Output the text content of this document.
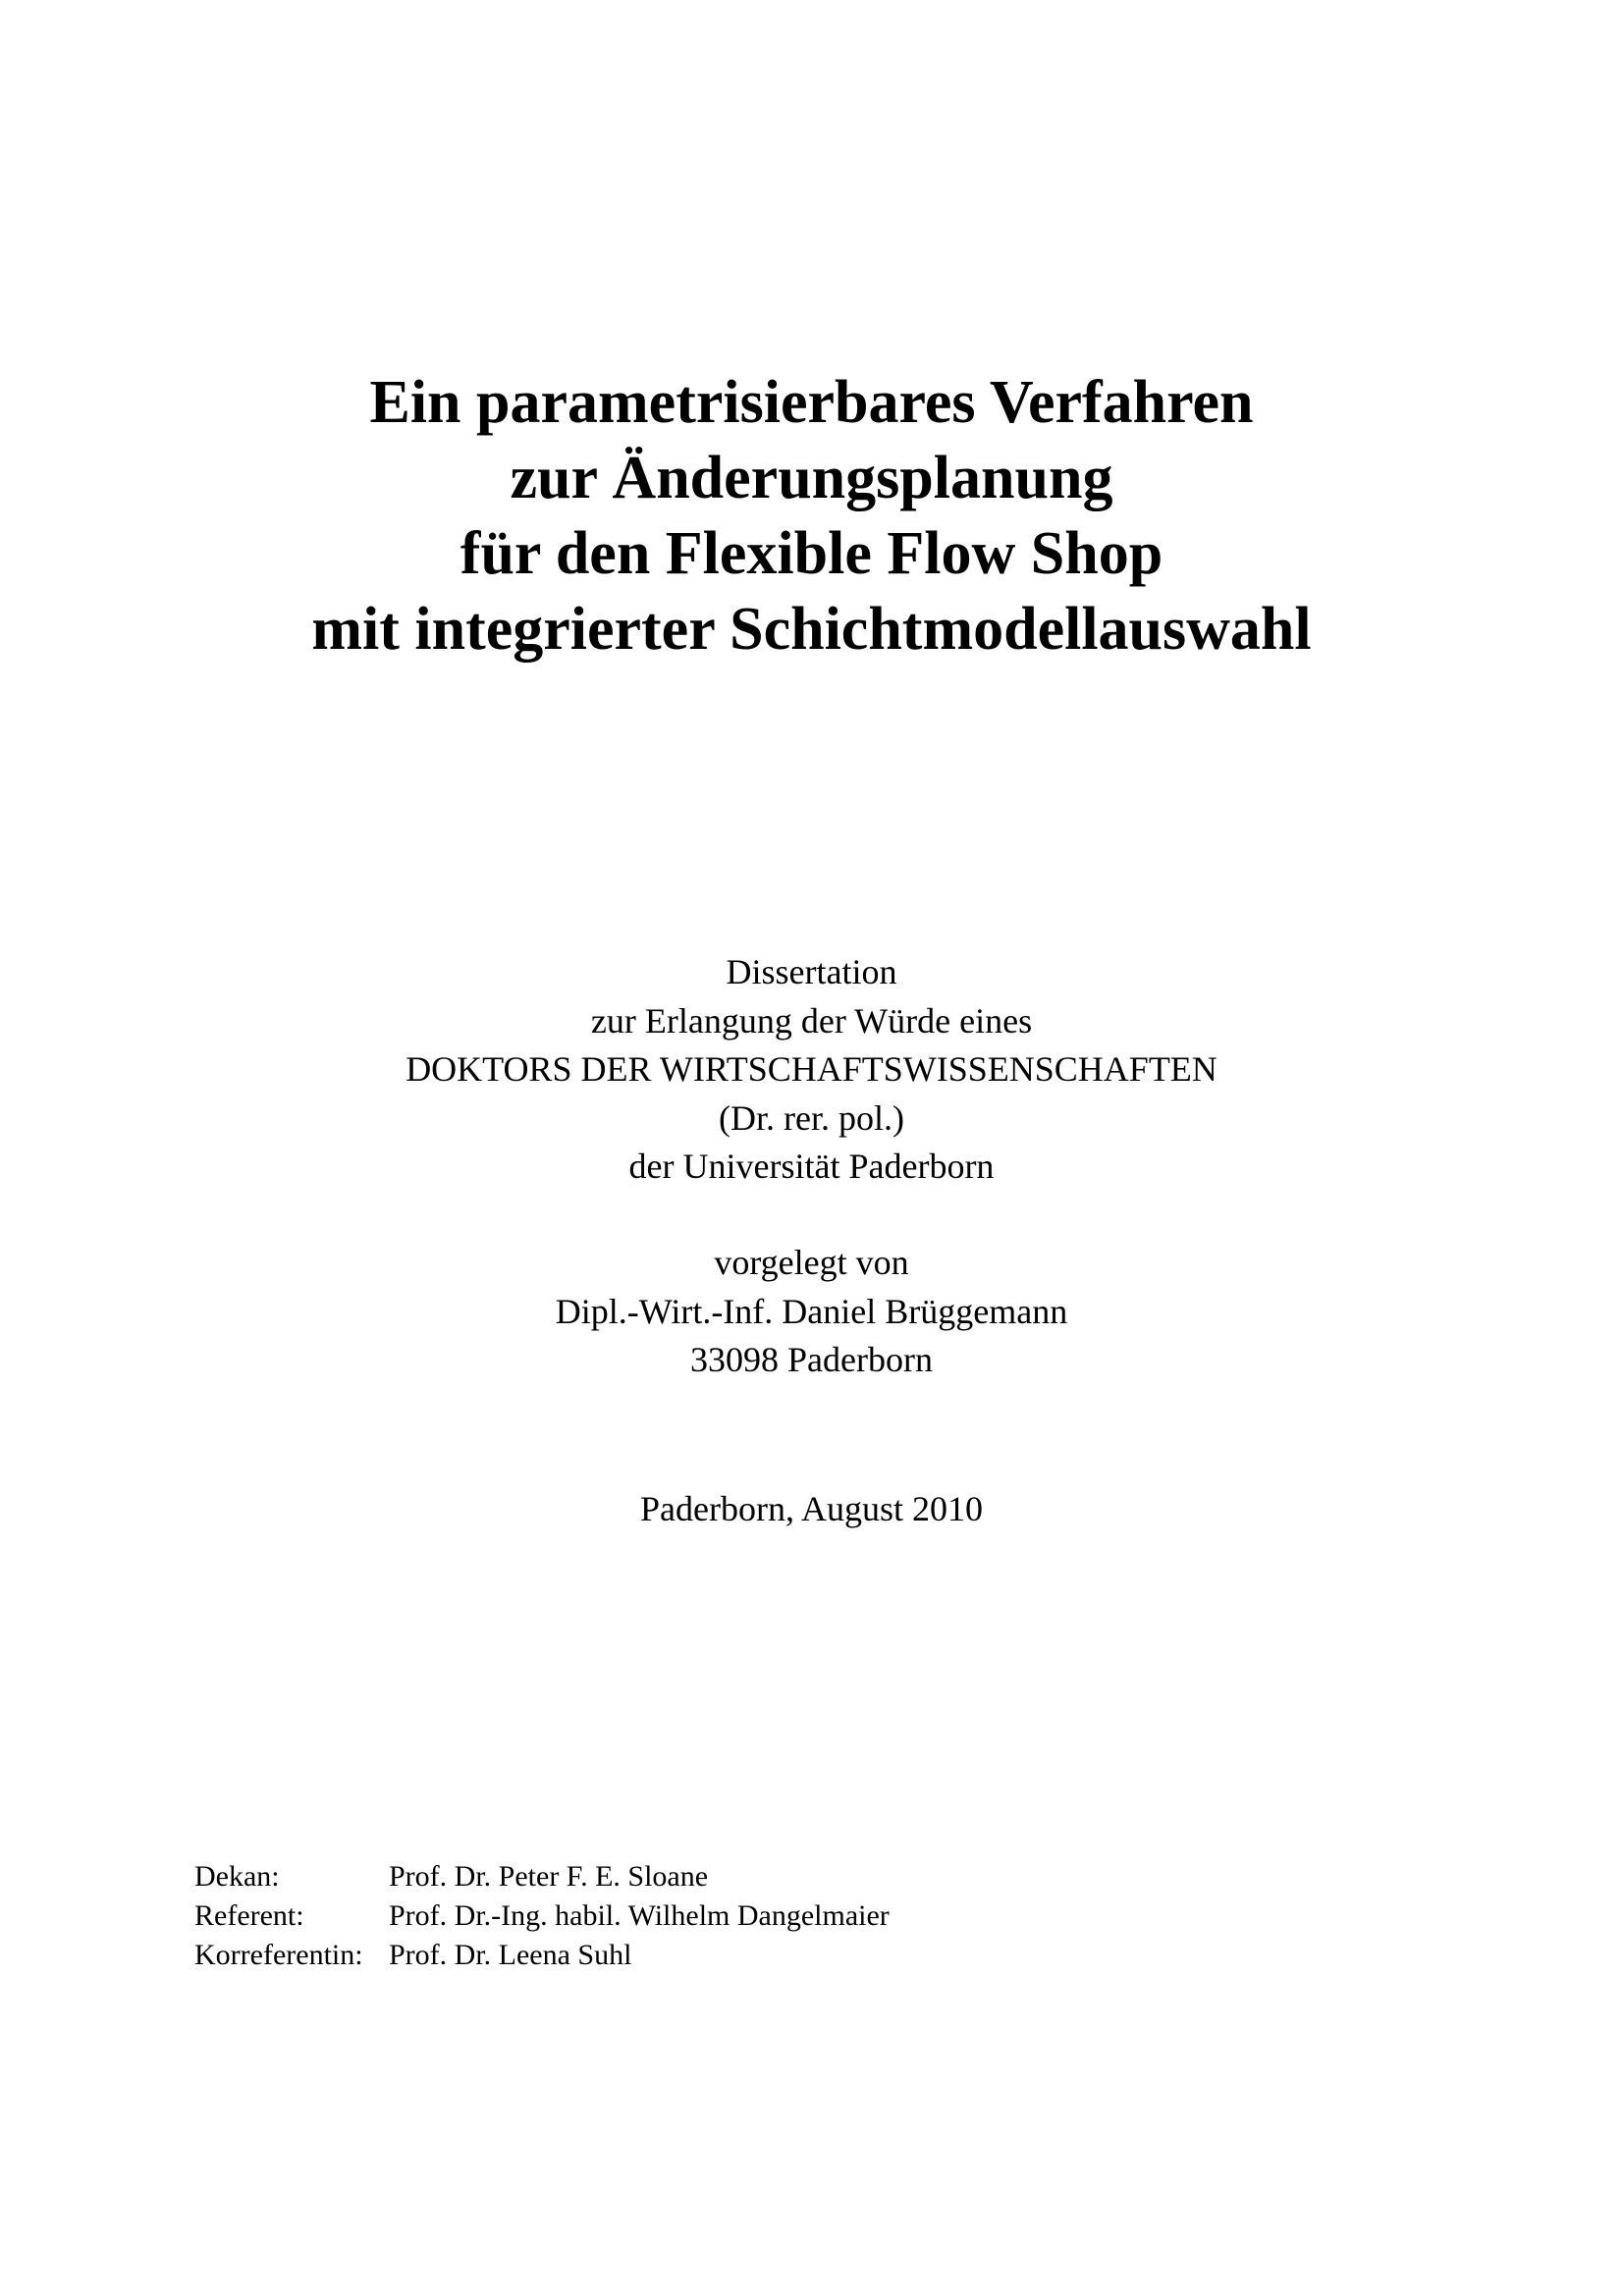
Ein parametrisierbares Verfahren
zur Änderungsplanung
für den Flexible Flow Shop
mit integrierter Schichtmodellauswahl
Dissertation
zur Erlangung der Würde eines
DOKTORS DER WIRTSCHAFTSWISSENSCHAFTEN
(Dr. rer. pol.)
der Universität Paderborn
vorgelegt von
Dipl.-Wirt.-Inf. Daniel Brüggemann
33098 Paderborn
Paderborn, August 2010
Dekan:	Prof. Dr. Peter F. E. Sloane
Referent:	Prof. Dr.-Ing. habil. Wilhelm Dangelmaier
Korreferentin: Prof. Dr. Leena Suhl
